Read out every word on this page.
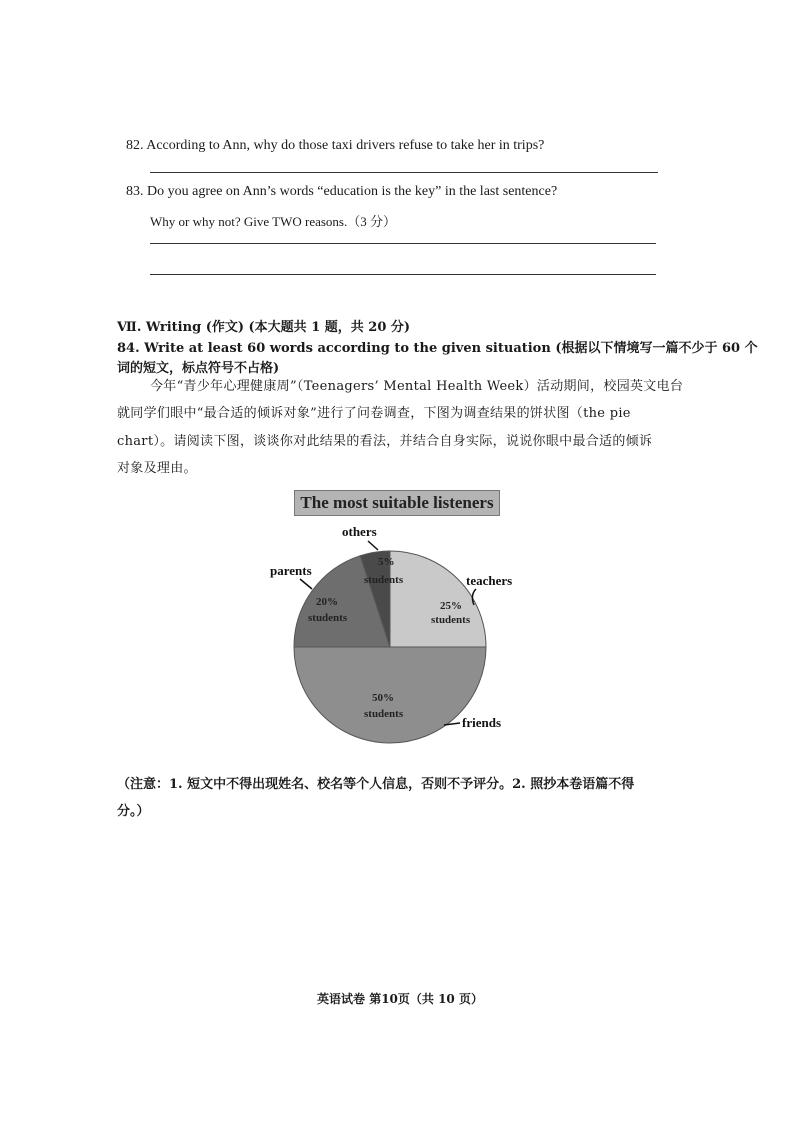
82. According to Ann, why do those taxi drivers refuse to take her in trips?
83. Do you agree on Ann’s words “education is the key” in the last sentence?
Why or why not? Give TWO reasons.（3 分）
Ⅶ. Writing (作文) (本大题共 1 题，共 20 分)
84. Write at least 60 words according to the given situation (根据以下情境写一篇不少于 60 个
词的短文，标点符号不占格)
今年“青少年心理健康周”（Teenagers’ Mental Health Week）活动期间，校园英文电台
就同学们眼中“最合适的倾诉对象”进行了问卷调查，下图为调查结果的饼状图（the pie
chart）。请阅读下图，谈谈你对此结果的看法，并结合自身实际，说说你眼中最合适的倾诉
对象及理由。
The most suitable listeners
others
parents
teachers
friends
5%
students
25%
students
20%
students
50%
students
（注意：1. 短文中不得出现姓名、校名等个人信息，否则不予评分。2. 照抄本卷语篇不得
分。）
英语试卷 第10页（共 10 页）
